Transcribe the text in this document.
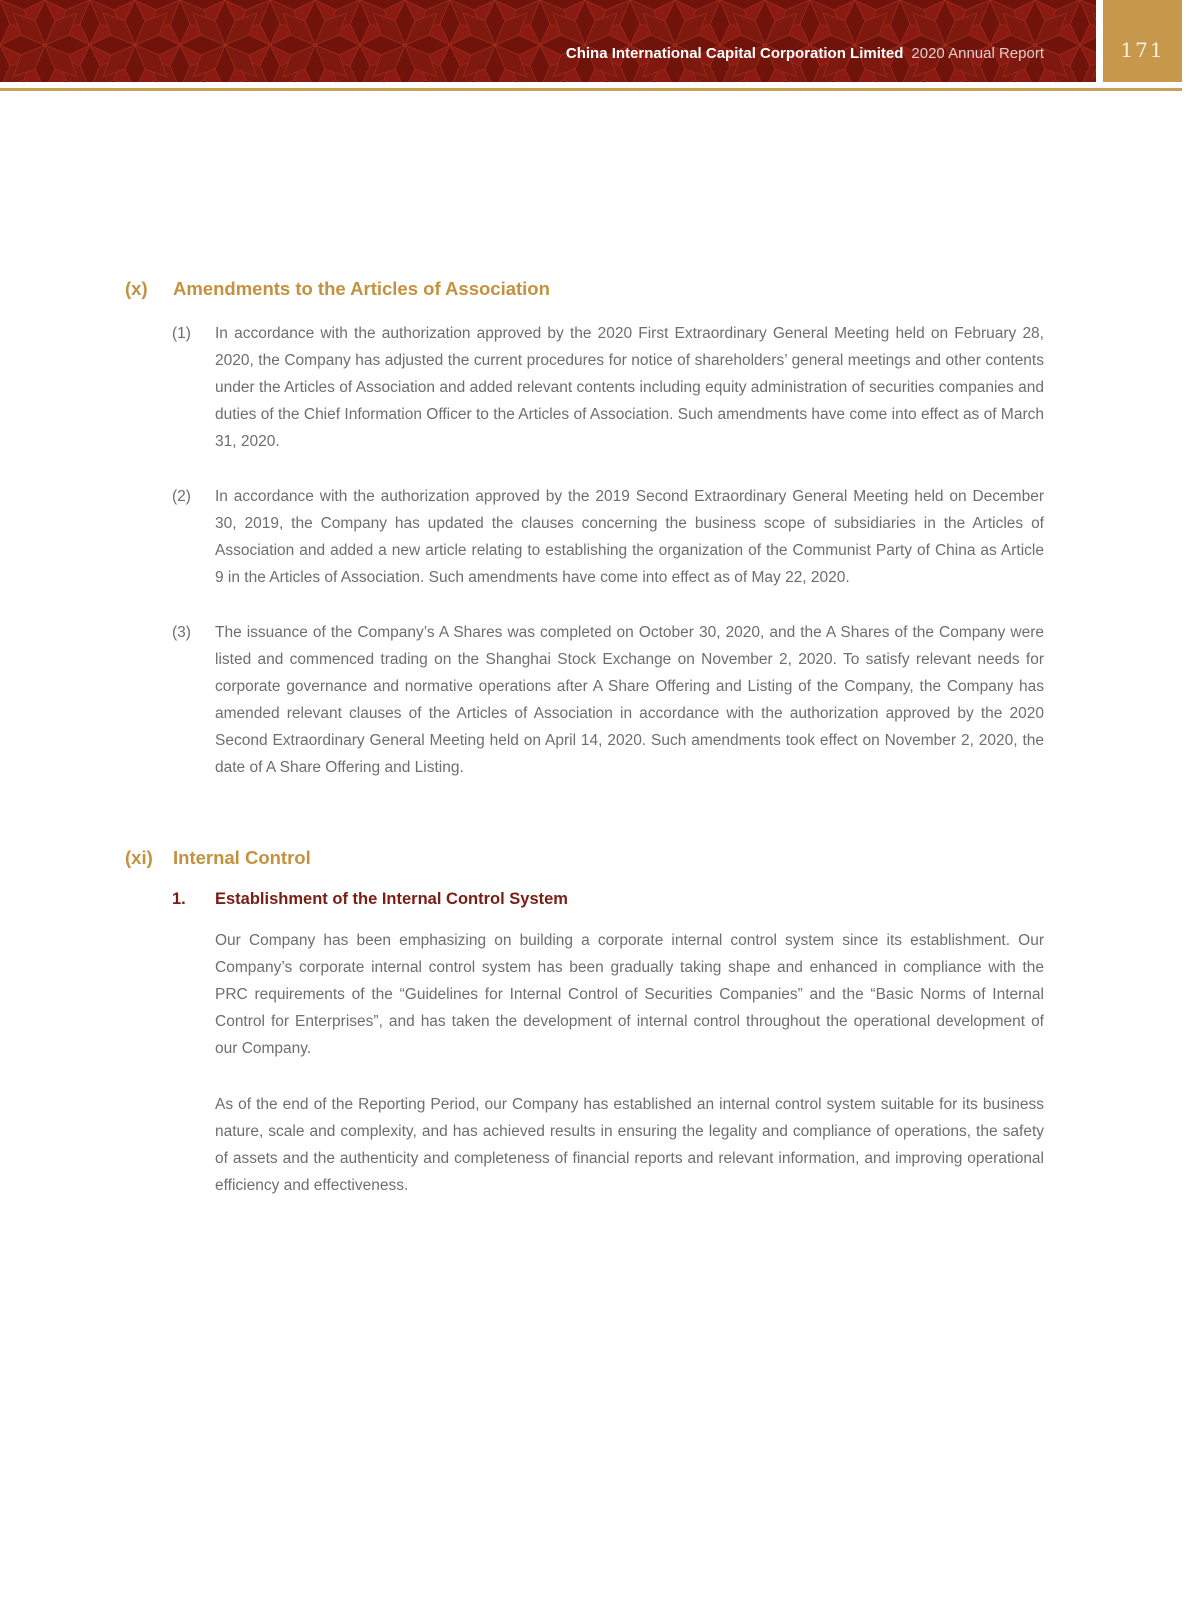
China International Capital Corporation Limited 2020 Annual Report	171
(x)	Amendments to the Articles of Association
(1)	In accordance with the authorization approved by the 2020 First Extraordinary General Meeting held on February 28, 2020, the Company has adjusted the current procedures for notice of shareholders’ general meetings and other contents under the Articles of Association and added relevant contents including equity administration of securities companies and duties of the Chief Information Officer to the Articles of Association. Such amendments have come into effect as of March 31, 2020.
(2)	In accordance with the authorization approved by the 2019 Second Extraordinary General Meeting held on December 30, 2019, the Company has updated the clauses concerning the business scope of subsidiaries in the Articles of Association and added a new article relating to establishing the organization of the Communist Party of China as Article 9 in the Articles of Association. Such amendments have come into effect as of May 22, 2020.
(3)	The issuance of the Company’s A Shares was completed on October 30, 2020, and the A Shares of the Company were listed and commenced trading on the Shanghai Stock Exchange on November 2, 2020. To satisfy relevant needs for corporate governance and normative operations after A Share Offering and Listing of the Company, the Company has amended relevant clauses of the Articles of Association in accordance with the authorization approved by the 2020 Second Extraordinary General Meeting held on April 14, 2020. Such amendments took effect on November 2, 2020, the date of A Share Offering and Listing.
(xi)	Internal Control
1.	Establishment of the Internal Control System
Our Company has been emphasizing on building a corporate internal control system since its establishment. Our Company’s corporate internal control system has been gradually taking shape and enhanced in compliance with the PRC requirements of the “Guidelines for Internal Control of Securities Companies” and the “Basic Norms of Internal Control for Enterprises”, and has taken the development of internal control throughout the operational development of our Company.
As of the end of the Reporting Period, our Company has established an internal control system suitable for its business nature, scale and complexity, and has achieved results in ensuring the legality and compliance of operations, the safety of assets and the authenticity and completeness of financial reports and relevant information, and improving operational efficiency and effectiveness.
